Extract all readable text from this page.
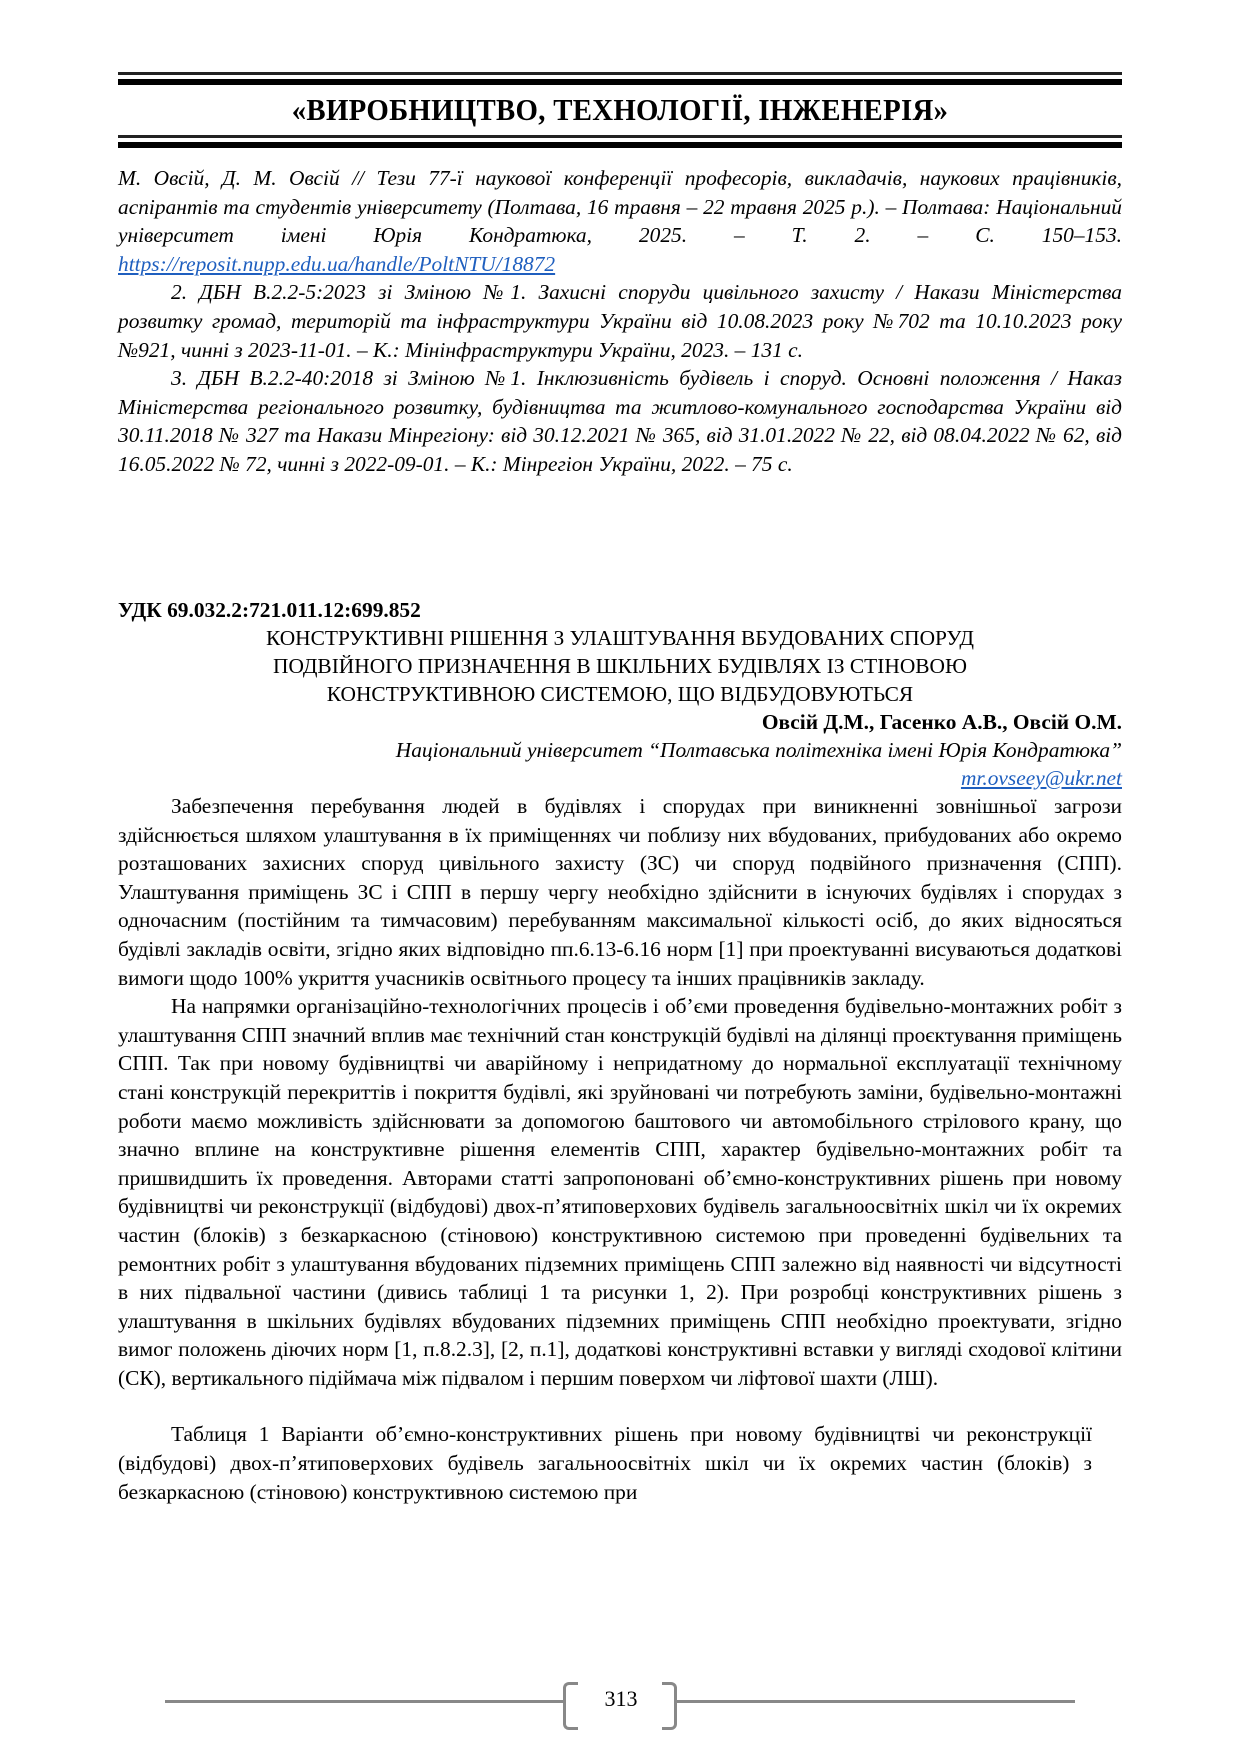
«ВИРОБНИЦТВО, ТЕХНОЛОГІЇ, ІНЖЕНЕРІЯ»

М. Овсій, Д. М. Овсій // Тези 77-ї наукової конференції професорів, викладачів, наукових працівників, аспірантів та студентів університету (Полтава, 16 травня – 22 травня 2025 р.). – Полтава: Національний університет імені Юрія Кондратюка, 2025. – Т. 2. – С. 150–153. https://reposit.nupp.edu.ua/handle/PoltNTU/18872

2. ДБН В.2.2-5:2023 зі Зміною №1. Захисні споруди цивільного захисту / Накази Міністерства розвитку громад, територій та інфраструктури України від 10.08.2023 року №702 та 10.10.2023 року №921, чинні з 2023-11-01. – К.: Мінінфраструктури України, 2023. – 131 с.

3. ДБН В.2.2-40:2018 зі Зміною №1. Інклюзивність будівель і споруд. Основні положення / Наказ Міністерства регіонального розвитку, будівництва та житлово-комунального господарства України від 30.11.2018 № 327 та Накази Мінрегіону: від 30.12.2021 № 365, від 31.01.2022 № 22, від 08.04.2022 № 62, від 16.05.2022 № 72, чинні з 2022-09-01. – К.: Мінрегіон України, 2022. – 75 с.

УДК 69.032.2:721.011.12:699.852
КОНСТРУКТИВНІ РІШЕННЯ З УЛАШТУВАННЯ ВБУДОВАНИХ СПОРУД
ПОДВІЙНОГО ПРИЗНАЧЕННЯ В ШКІЛЬНИХ БУДІВЛЯХ ІЗ СТІНОВОЮ
КОНСТРУКТИВНОЮ СИСТЕМОЮ, ЩО ВІДБУДОВУЮТЬСЯ
Овсій Д.М., Гасенко А.В., Овсій О.М.
Національний університет “Полтавська політехніка імені Юрія Кондратюка”
mr.ovseey@ukr.net

Забезпечення перебування людей в будівлях і спорудах при виникненні зовнішньої загрози здійснюється шляхом улаштування в їх приміщеннях чи поблизу них вбудованих, прибудованих або окремо розташованих захисних споруд цивільного захисту (ЗС) чи споруд подвійного призначення (СПП). Улаштування приміщень ЗС і СПП в першу чергу необхідно здійснити в існуючих будівлях і спорудах з одночасним (постійним та тимчасовим) перебуванням максимальної кількості осіб, до яких відносяться будівлі закладів освіти, згідно яких відповідно пп.6.13-6.16 норм [1] при проектуванні висуваються додаткові вимоги щодо 100% укриття учасників освітнього процесу та інших працівників закладу.

На напрямки організаційно-технологічних процесів і об’єми проведення будівельно-монтажних робіт з улаштування СПП значний вплив має технічний стан конструкцій будівлі на ділянці проєктування приміщень СПП. Так при новому будівництві чи аварійному і непридатному до нормальної експлуатації технічному стані конструкцій перекриттів і покриття будівлі, які зруйновані чи потребують заміни, будівельно-монтажні роботи маємо можливість здійснювати за допомогою баштового чи автомобільного стрілового крану, що значно вплине на конструктивне рішення елементів СПП, характер будівельно-монтажних робіт та пришвидшить їх проведення. Авторами статті запропоновані об’ємно-конструктивних рішень при новому будівництві чи реконструкції (відбудові) двох-п’ятиповерхових будівель загальноосвітніх шкіл чи їх окремих частин (блоків) з безкаркасною (стіновою) конструктивною системою при проведенні будівельних та ремонтних робіт з улаштування вбудованих підземних приміщень СПП залежно від наявності чи відсутності в них підвальної частини (дивись таблиці 1 та рисунки 1, 2). При розробці конструктивних рішень з улаштування в шкільних будівлях вбудованих підземних приміщень СПП необхідно проектувати, згідно вимог положень діючих норм [1, п.8.2.3], [2, п.1], додаткові конструктивні вставки у вигляді сходової клітини (СК), вертикального підіймача між підвалом і першим поверхом чи ліфтової шахти (ЛШ).

Таблиця 1 Варіанти об’ємно-конструктивних рішень при новому будівництві чи реконструкції (відбудові) двох-п’ятиповерхових будівель загальноосвітніх шкіл чи їх окремих частин (блоків) з безкаркасною (стіновою) конструктивною системою при

313
